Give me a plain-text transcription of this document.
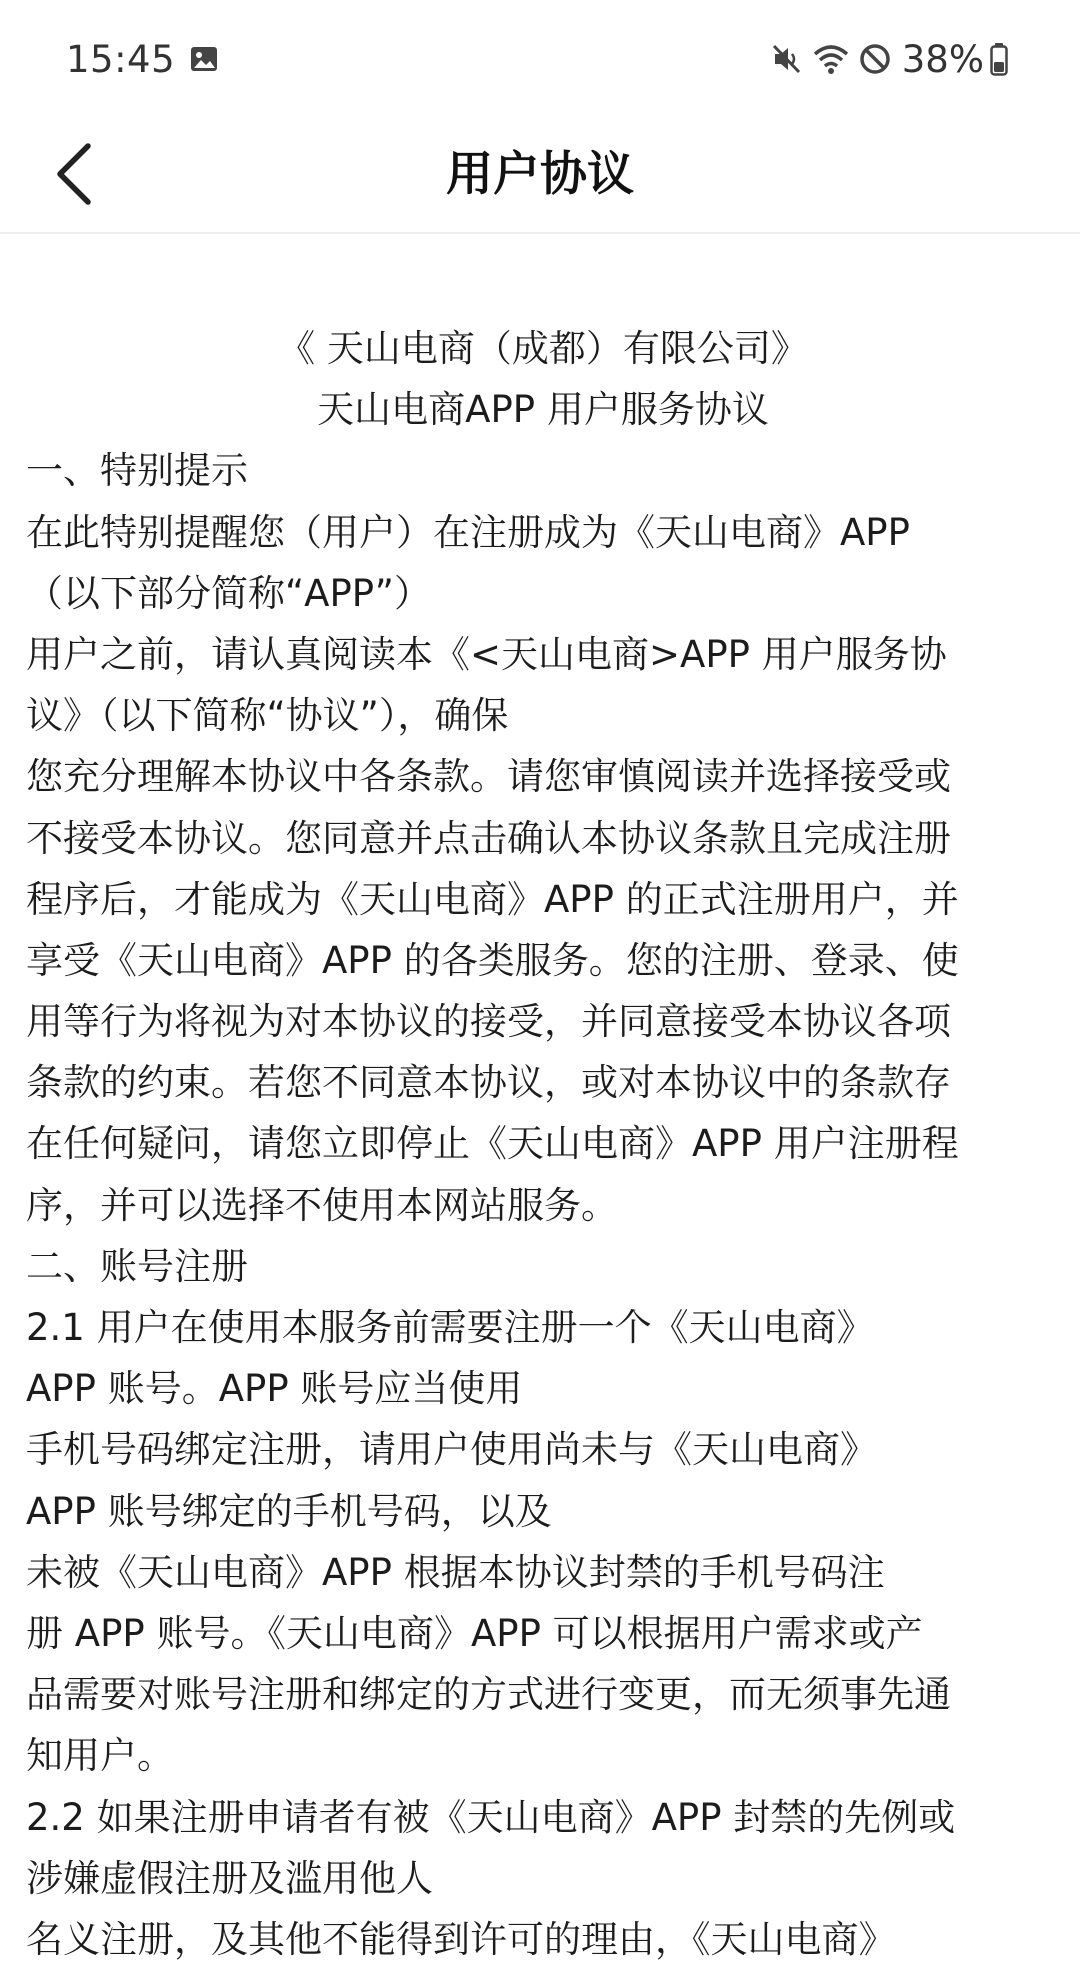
15:45	38%
用户协议
《 天山电商（成都）有限公司》
天山电商APP 用户服务协议
一、特别提示
在此特别提醒您（用户）在注册成为《天山电商》APP
（以下部分简称“APP”）
用户之前，请认真阅读本《<天山电商>APP 用户服务协
议》（以下简称“协议”），确保
您充分理解本协议中各条款。请您审慎阅读并选择接受或
不接受本协议。您同意并点击确认本协议条款且完成注册
程序后，才能成为《天山电商》APP 的正式注册用户，并
享受《天山电商》APP 的各类服务。您的注册、登录、使
用等行为将视为对本协议的接受，并同意接受本协议各项
条款的约束。若您不同意本协议，或对本协议中的条款存
在任何疑问，请您立即停止《天山电商》APP 用户注册程
序，并可以选择不使用本网站服务。
二、账号注册
2.1 用户在使用本服务前需要注册一个《天山电商》
APP 账号。APP 账号应当使用
手机号码绑定注册，请用户使用尚未与《天山电商》
APP 账号绑定的手机号码，以及
未被《天山电商》APP 根据本协议封禁的手机号码注
册 APP 账号。《天山电商》APP 可以根据用户需求或产
品需要对账号注册和绑定的方式进行变更，而无须事先通
知用户。
2.2 如果注册申请者有被《天山电商》APP 封禁的先例或
涉嫌虚假注册及滥用他人
名义注册，及其他不能得到许可的理由，《天山电商》
